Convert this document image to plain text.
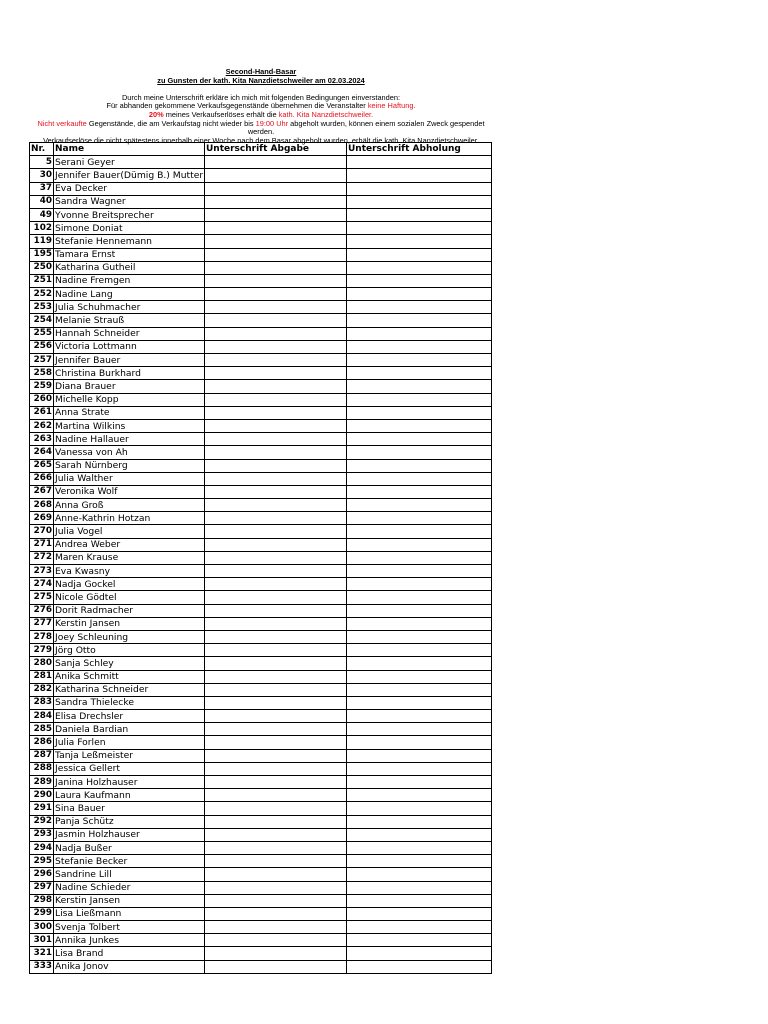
Second-Hand-Basar
zu Gunsten der kath. Kita Nanzdietschweiler am 02.03.2024
Durch meine Unterschrift erkläre ich mich mit folgenden Bedingungen einverstanden:
Für abhanden gekommene Verkaufsgegenstände übernehmen die Veranstalter keine Haftung.
20% meines Verkaufserlöses erhält die kath. Kita Nanzdietschweiler.
Nicht verkaufte Gegenstände, die am Verkaufstag nicht wieder bis 19:00 Uhr abgeholt wurden, können einem sozialen Zweck gespendet werden.
Verkaufserlöse die nicht spätestens innerhalb einer Woche nach dem Basar abgeholt wurden, erhält die kath. Kita Nanzdietschweiler.
Nr.	Name	Unterschrift Abgabe	Unterschrift Abholung
5	Serani Geyer		
30	Jennifer Bauer(Dümig B.) Mutter		
37	Eva Decker		
40	Sandra Wagner		
49	Yvonne Breitsprecher		
102	Simone Doniat		
119	Stefanie Hennemann		
195	Tamara Ernst		
250	Katharina Gutheil		
251	Nadine Fremgen		
252	Nadine Lang		
253	Julia Schuhmacher		
254	Melanie Strauß		
255	Hannah Schneider		
256	Victoria Lottmann		
257	Jennifer Bauer		
258	Christina Burkhard		
259	Diana Brauer		
260	Michelle Kopp		
261	Anna Strate		
262	Martina Wilkins		
263	Nadine Hallauer		
264	Vanessa von Ah		
265	Sarah Nürnberg		
266	Julia Walther		
267	Veronika Wolf		
268	Anna Groß		
269	Anne-Kathrin Hotzan		
270	Julia Vogel		
271	Andrea Weber		
272	Maren Krause		
273	Eva Kwasny		
274	Nadja Gockel		
275	Nicole Gödtel		
276	Dorit Radmacher		
277	Kerstin Jansen		
278	Joey Schleuning		
279	Jörg Otto		
280	Sanja Schley		
281	Anika Schmitt		
282	Katharina Schneider		
283	Sandra Thielecke		
284	Elisa Drechsler		
285	Daniela Bardian		
286	Julia Forlen		
287	Tanja Leßmeister		
288	Jessica Gellert		
289	Janina Holzhauser		
290	Laura Kaufmann		
291	Sina Bauer		
292	Panja Schütz		
293	Jasmin Holzhauser		
294	Nadja Bußer		
295	Stefanie Becker		
296	Sandrine Lill		
297	Nadine Schieder		
298	Kerstin Jansen		
299	Lisa Ließmann		
300	Svenja Tolbert		
301	Annika Junkes		
321	Lisa Brand		
333	Anika Jonov		
